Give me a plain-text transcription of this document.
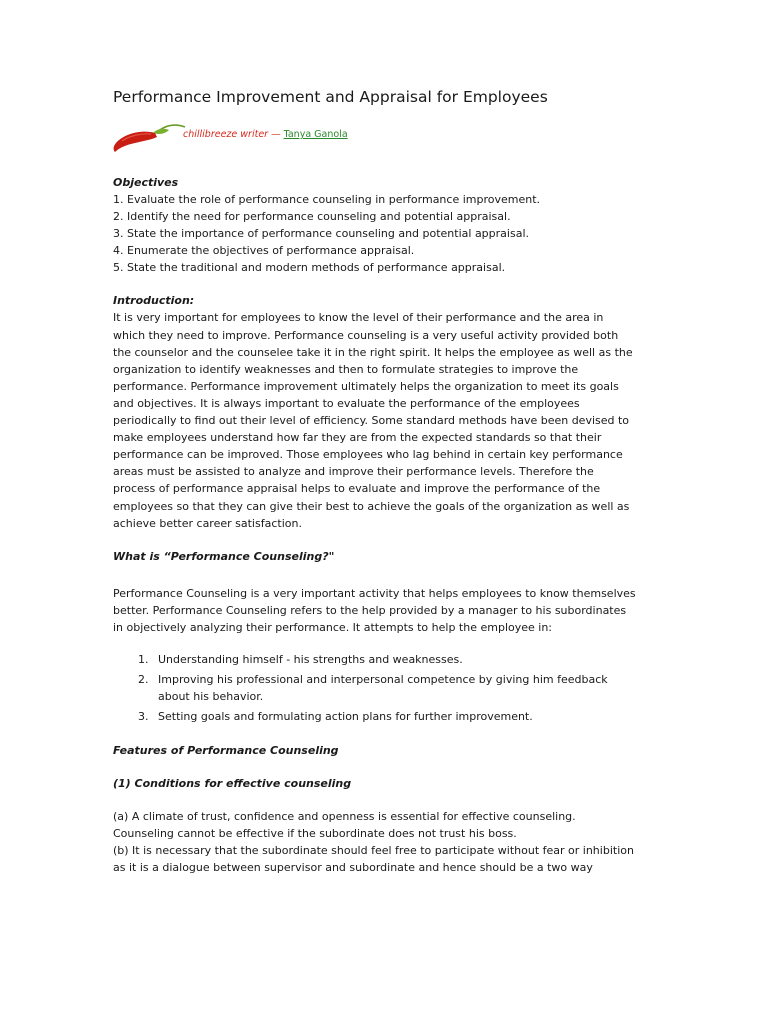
Performance Improvement and Appraisal for Employees
chillibreeze writer — Tanya Ganola

Objectives

1. Evaluate the role of performance counseling in performance improvement.

2. Identify the need for performance counseling and potential appraisal.

3. State the importance of performance counseling and potential appraisal.

4. Enumerate the objectives of performance appraisal.

5. State the traditional and modern methods of performance appraisal.

Introduction:

It is very important for employees to know the level of their performance and the area in

which they need to improve. Performance counseling is a very useful activity provided both

the counselor and the counselee take it in the right spirit. It helps the employee as well as the

organization to identify weaknesses and then to formulate strategies to improve the

performance. Performance improvement ultimately helps the organization to meet its goals

and objectives. It is always important to evaluate the performance of the employees

periodically to find out their level of efficiency. Some standard methods have been devised to

make employees understand how far they are from the expected standards so that their

performance can be improved. Those employees who lag behind in certain key performance

areas must be assisted to analyze and improve their performance levels. Therefore the

process of performance appraisal helps to evaluate and improve the performance of the

employees so that they can give their best to achieve the goals of the organization as well as

achieve better career satisfaction.

What is “Performance Counseling?"

Performance Counseling is a very important activity that helps employees to know themselves

better. Performance Counseling refers to the help provided by a manager to his subordinates

in objectively analyzing their performance. It attempts to help the employee in:

1. Understanding himself - his strengths and weaknesses.
2. Improving his professional and interpersonal competence by giving him feedback
about his behavior.
3. Setting goals and formulating action plans for further improvement.

Features of Performance Counseling

(1) Conditions for effective counseling

(a) A climate of trust, confidence and openness is essential for effective counseling.

Counseling cannot be effective if the subordinate does not trust his boss.

(b) It is necessary that the subordinate should feel free to participate without fear or inhibition

as it is a dialogue between supervisor and subordinate and hence should be a two way
